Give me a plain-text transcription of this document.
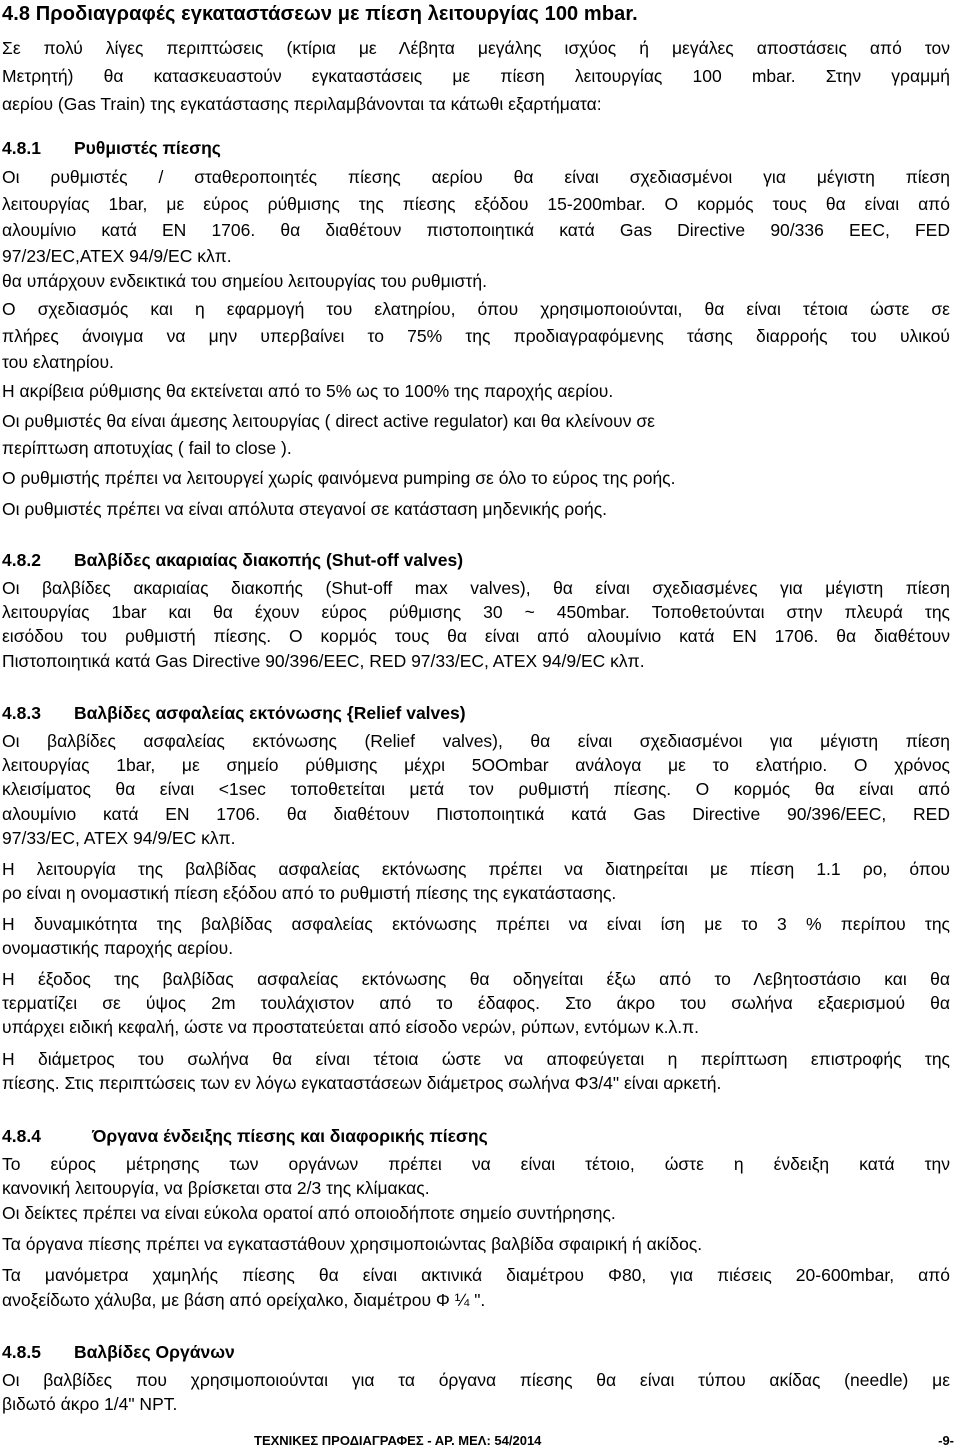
4.8 Προδιαγραφές εγκαταστάσεων με πίεση λειτουργίας 100 mbar.
Σε πολύ λίγες περιπτώσεις (κτίρια με Λέβητα μεγάλης ισχύος ή μεγάλες αποστάσεις από τον
Μετρητή) θα κατασκευαστούν εγκαταστάσεις με πίεση λειτουργίας 100 mbar. Στην γραμμή
αερίου (Gas Train) της εγκατάστασης περιλαμβάνονται τα κάτωθι εξαρτήματα:
4.8.1 Ρυθμιστές πίεσης
Οι ρυθμιστές / σταθεροποιητές πίεσης αερίου θα είναι σχεδιασμένοι για μέγιστη πίεση
λειτουργίας 1bar, με εύρος ρύθμισης της πίεσης εξόδου 15-200mbar. Ο κορμός τους θα είναι από
αλουμίνιο κατά ΕΝ 1706. θα διαθέτουν πιστοποιητικά κατά Gas Directive 90/336 EEC, FED
97/23/EC,ATEX 94/9/EC κλπ.
θα υπάρχουν ενδεικτικά του σημείου λειτουργίας του ρυθμιστή.
Ο σχεδιασμός και η εφαρμογή του ελατηρίου, όπου χρησιμοποιούνται, θα είναι τέτοια ώστε σε
πλήρες άνοιγμα να μην υπερβαίνει το 75% της προδιαγραφόμενης τάσης διαρροής του υλικού
του ελατηρίου.
Η ακρίβεια ρύθμισης θα εκτείνεται από το 5% ως το 100% της παροχής αερίου.
Οι ρυθμιστές θα είναι άμεσης λειτουργίας ( direct active regulator) και θα κλείνουν σε
περίπτωση αποτυχίας ( fail to close ).
Ο ρυθμιστής πρέπει να λειτουργεί χωρίς φαινόμενα pumping σε όλο το εύρος της ροής.
Οι ρυθμιστές πρέπει να είναι απόλυτα στεγανοί σε κατάσταση μηδενικής ροής.
4.8.2 Βαλβίδες ακαριαίας διακοπής (Shut-off valves)
Οι βαλβίδες ακαριαίας διακοπής (Shut-off max valves), θα είναι σχεδιασμένες για μέγιστη πίεση
λειτουργίας 1bar και θα έχουν εύρος ρύθμισης 30 ~ 450mbar. Τοποθετούνται στην πλευρά της
εισόδου του ρυθμιστή πίεσης. Ο κορμός τους θα είναι από αλουμίνιο κατά ΕΝ 1706. θα διαθέτουν
Πιστοποιητικά κατά Gas Directive 90/396/EEC, RED 97/33/EC, ATEX 94/9/EC κλπ.
4.8.3 Βαλβίδες ασφαλείας εκτόνωσης {Relief valves)
Οι βαλβίδες ασφαλείας εκτόνωσης (Relief valves), θα είναι σχεδιασμένοι για μέγιστη πίεση
λειτουργίας 1bar, με σημείο ρύθμισης μέχρι 5OOmbar ανάλογα με το ελατήριο. Ο χρόνος
κλεισίματος θα είναι <1sec τοποθετείται μετά τον ρυθμιστή πίεσης. Ο κορμός θα είναι από
αλουμίνιο κατά ΕΝ 1706. θα διαθέτουν Πιστοποιητικά κατά Gas Directive 90/396/EEC, RED
97/33/EC, ATEX 94/9/EC κλπ.
Η λειτουργία της βαλβίδας ασφαλείας εκτόνωσης πρέπει να διατηρείται με πίεση 1.1 ρο, όπου
ρο είναι η ονομαστική πίεση εξόδου από το ρυθμιστή πίεσης της εγκατάστασης.
Η δυναμικότητα της βαλβίδας ασφαλείας εκτόνωσης πρέπει να είναι ίση με το 3 % περίπου της
ονομαστικής παροχής αερίου.
Η έξοδος της βαλβίδας ασφαλείας εκτόνωσης θα οδηγείται έξω από το Λεβητοστάσιο και θα
τερματίζει σε ύψος 2m τουλάχιστον από το έδαφος. Στο άκρο του σωλήνα εξαερισμού θα
υπάρχει ειδική κεφαλή, ώστε να προστατεύεται από είσοδο νερών, ρύπων, εντόμων κ.λ.π.
Η διάμετρος του σωλήνα θα είναι τέτοια ώστε να αποφεύγεται η περίπτωση επιστροφής της
πίεσης. Στις περιπτώσεις των εν λόγω εγκαταστάσεων διάμετρος σωλήνα Φ3/4" είναι αρκετή.
4.8.4	Όργανα ένδειξης πίεσης και διαφορικής πίεσης
Το εύρος μέτρησης των οργάνων πρέπει να είναι τέτοιο, ώστε η ένδειξη κατά την
κανονική λειτουργία, να βρίσκεται στα 2/3 της κλίμακας.
Οι δείκτες πρέπει να είναι εύκολα ορατοί από οποιοδήποτε σημείο συντήρησης.
Τα όργανα πίεσης πρέπει να εγκαταστάθουν χρησιμοποιώντας βαλβίδα σφαιρική ή ακίδος.
Τα μανόμετρα χαμηλής πίεσης θα είναι ακτινικά διαμέτρου Φ80, για πιέσεις 20-600mbar, από
ανοξείδωτο χάλυβα, με βάση από ορείχαλκο, διαμέτρου Φ ¼ ".
4.8.5 Βαλβίδες Οργάνων
Οι βαλβίδες που χρησιμοποιούνται για τα όργανα πίεσης θα είναι τύπου ακίδας (needle) με
βιδωτό άκρο 1/4" NPT.
ΤΕΧΝΙΚΕΣ ΠΡΟΔΙΑΓΡΑΦΕΣ - ΑΡ. ΜΕΛ: 54/2014	-9-
